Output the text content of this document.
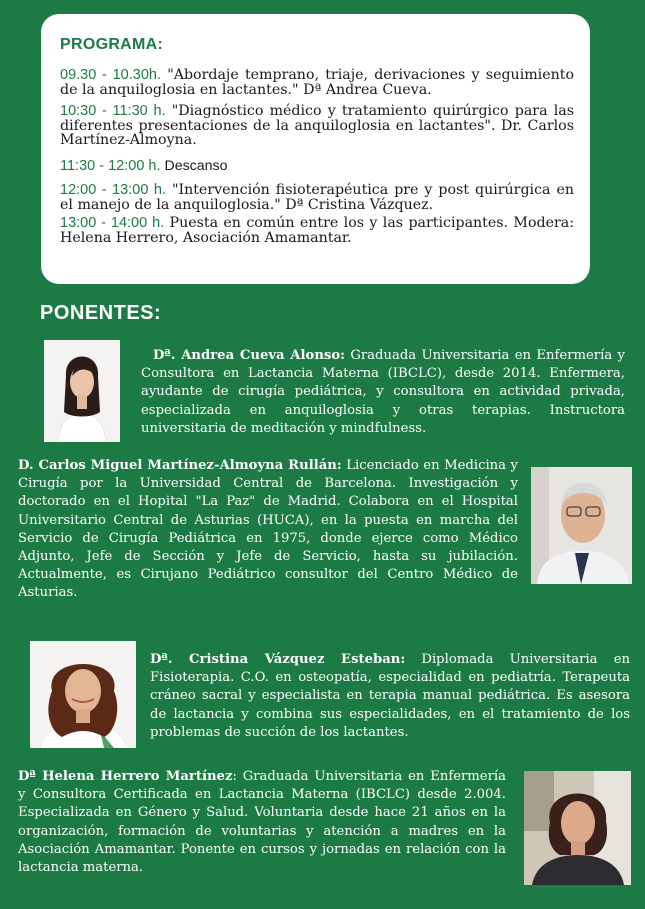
PROGRAMA:

09.30 - 10.30h. "Abordaje temprano, triaje, derivaciones y seguimiento de la anquiloglosia en lactantes." Dª Andrea Cueva.

10:30 - 11:30 h. "Diagnóstico médico y tratamiento quirúrgico para las diferentes presentaciones de la anquiloglosia en lactantes". Dr. Carlos Martínez-Almoyna.

11:30 - 12:00 h. Descanso

12:00 - 13:00 h. "Intervención fisioterapéutica pre y post quirúrgica en el manejo de la anquiloglosia." Dª Cristina Vázquez.

13:00 - 14:00 h. Puesta en común entre los y las participantes. Modera: Helena Herrero, Asociación Amamantar.

PONENTES:

Dª. Andrea Cueva Alonso: Graduada Universitaria en Enfermería y Consultora en Lactancia Materna (IBCLC), desde 2014. Enfermera, ayudante de cirugía pediátrica, y consultora en actividad privada, especializada en anquiloglosia y otras terapias. Instructora universitaria de meditación y mindfulness.

D. Carlos Miguel Martínez-Almoyna Rullán: Licenciado en Medicina y Cirugía por la Universidad Central de Barcelona. Investigación y doctorado en el Hopital "La Paz" de Madrid. Colabora en el Hospital Universitario Central de Asturias (HUCA), en la puesta en marcha del Servicio de Cirugía Pediátrica en 1975, donde ejerce como Médico Adjunto, Jefe de Sección y Jefe de Servicio, hasta su jubilación. Actualmente, es Cirujano Pediátrico consultor del Centro Médico de Asturias.

Dª. Cristina Vázquez Esteban: Diplomada Universitaria en Fisioterapia. C.O. en osteopatía, especialidad en pediatría. Terapeuta cráneo sacral y especialista en terapia manual pediátrica. Es asesora de lactancia y combina sus especialidades, en el tratamiento de los problemas de succión de los lactantes.

Dª Helena Herrero Martínez: Graduada Universitaria en Enfermería y Consultora Certificada en Lactancia Materna (IBCLC) desde 2.004. Especializada en Género y Salud. Voluntaria desde hace 21 años en la organización, formación de voluntarias y atención a madres en la Asociación Amamantar. Ponente en cursos y jornadas en relación con la lactancia materna.
